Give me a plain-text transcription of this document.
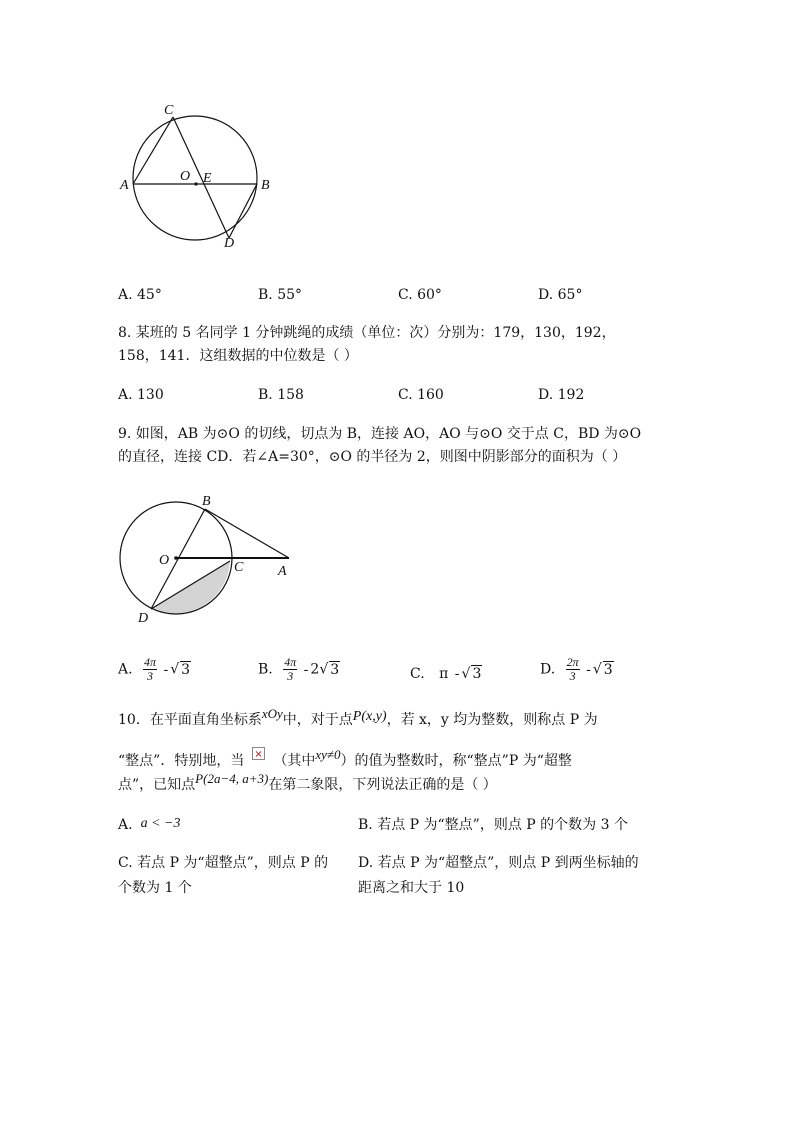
C
A	B
O E
D
A. 45°	B. 55°	C. 60°	D. 65°
8. 某班的 5 名同学 1 分钟跳绳的成绩（单位：次）分别为：179，130，192，
158，141．这组数据的中位数是（ ）
A. 130	B. 158	C. 160	D. 192
9. 如图，AB 为⊙O 的切线，切点为 B，连接 AO，AO 与⊙O 交于点 C，BD 为⊙O
的直径，连接 CD．若∠A=30°，⊙O 的半径为 2，则图中阴影部分的面积为（ ）
B
O	C A
D
A. $\frac{4\pi}{3}$ - √ 3	B. $\frac{4\pi}{3} - 2√$ 3	C. π - √ 3	D. $\frac{2\pi}{3}$ - √ 3
10．在平面直角坐标系xOy中，对于点P(x,y)，若 x，y 均为整数，则称点 P 为
“整点”．特别地，当× （其中xy≠0）的值为整数时，称“整点”P 为“超整
点”，已知点P(2a−4, a+3)在第二象限，下列说法正确的是（ ）
A. a < −3	B. 若点 P 为“整点”，则点 P 的个数为 3 个
C. 若点 P 为“超整点”，则点 P 的
个数为 1 个
D. 若点 P 为“超整点”，则点 P 到两坐标轴的
距离之和大于 10
